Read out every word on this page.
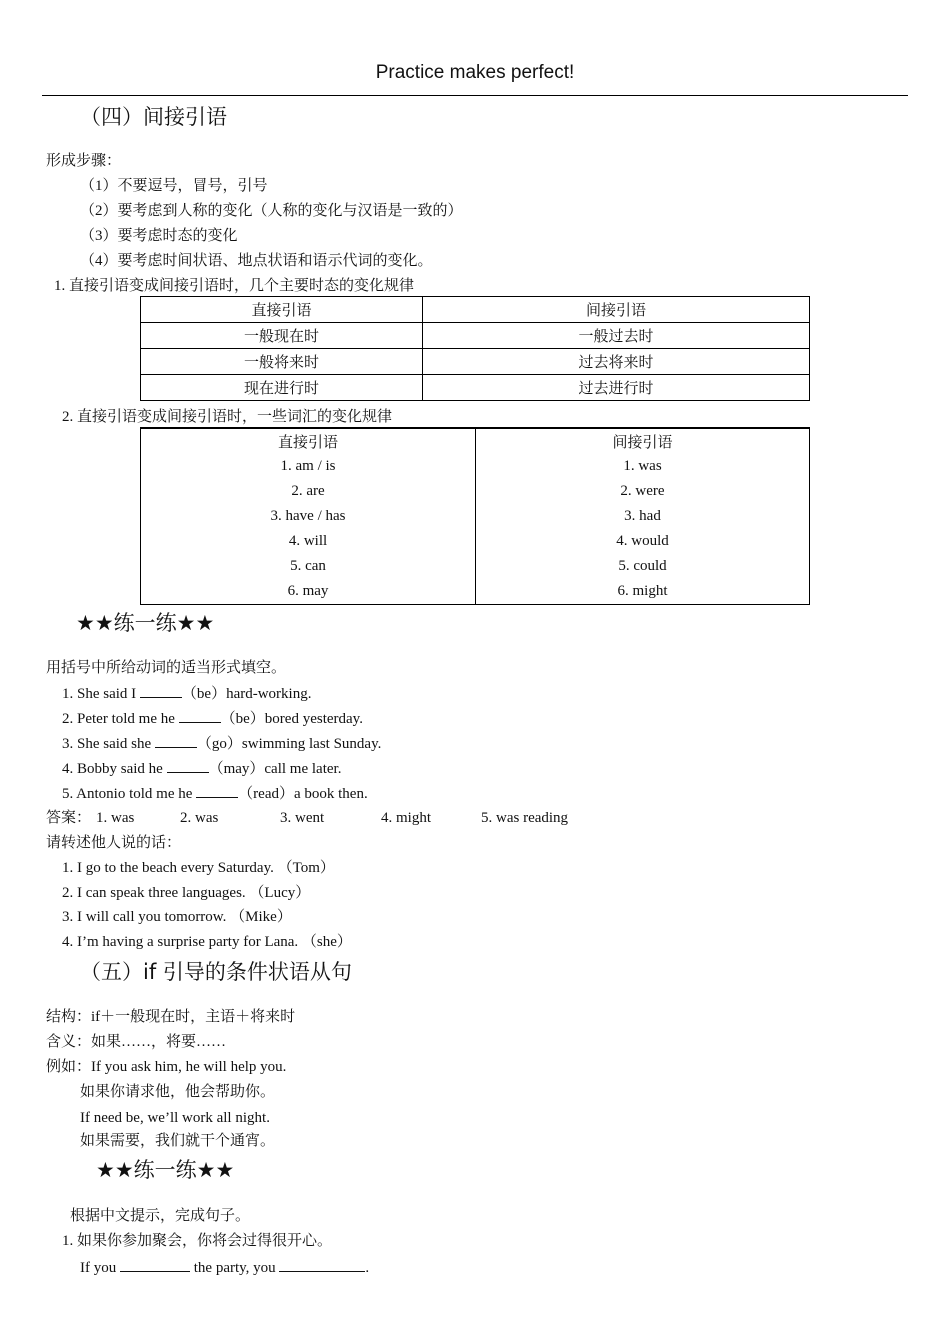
Practice makes perfect!
（四）间接引语
形成步骤：
（1）不要逗号，冒号，引号
（2）要考虑到人称的变化（人称的变化与汉语是一致的）
（3）要考虑时态的变化
（4）要考虑时间状语、地点状语和语示代词的变化。
1. 直接引语变成间接引语时，几个主要时态的变化规律
直接引语	间接引语
一般现在时	一般过去时
一般将来时	过去将来时
现在进行时	过去进行时
2. 直接引语变成间接引语时，一些词汇的变化规律
直接引语	间接引语
1. am / is	1. was
2. are	2. were
3. have / has	3. had
4. will	4. would
5. can	5. could
6. may	6. might
★★练一练★★
用括号中所给动词的适当形式填空。
1. She said I	（be）hard-working.
2. Peter told me he	（be）bored yesterday.
3. She said she	（go）swimming last Sunday.
4. Bobby said he	（may）call me later.
5. Antonio told me he	（read）a book then.
答案： 1. was	2. was	3. went	4. might	5. was reading
请转述他人说的话：
1. I go to the beach every Saturday. （Tom）
2. I can speak three languages. （Lucy）
3. I will call you tomorrow. （Mike）
4. I’m having a surprise party for Lana. （she）
（五）if 引导的条件状语从句
结构：if＋一般现在时，主语＋将来时
含义：如果……，将要……
例如：If you ask him, he will help you.
如果你请求他，他会帮助你。
If need be, we’ll work all night.
如果需要，我们就干个通宵。
★★练一练★★
根据中文提示，完成句子。
1. 如果你参加聚会，你将会过得很开心。
If you	the party, you	.
